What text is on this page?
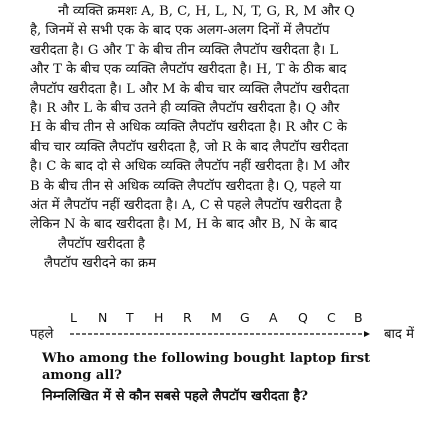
नौ व्यक्ति क्रमशः A, B, C, H, L, N, T, G, R, M और Q
है, जिनमें से सभी एक के बाद एक अलग-अलग दिनों में लैपटॉप
खरीदता है। G और T के बीच तीन व्यक्ति लैपटॉप खरीदता है। L
और T के बीच एक व्यक्ति लैपटॉप खरीदता है। H, T के ठीक बाद
लैपटॉप खरीदता है। L और M के बीच चार व्यक्ति लैपटॉप खरीदता
है। R और L के बीच उतने ही व्यक्ति लैपटॉप खरीदता है। Q और
H के बीच तीन से अधिक व्यक्ति लैपटॉप खरीदता है। R और C के
बीच चार व्यक्ति लैपटॉप खरीदता है, जो R के बाद लैपटॉप खरीदता
है। C के बाद दो से अधिक व्यक्ति लैपटॉप नहीं खरीदता है। M और
B के बीच तीन से अधिक व्यक्ति लैपटॉप खरीदता है। Q, पहले या
अंत में लैपटॉप नहीं खरीदता है। A, C से पहले लैपटॉप खरीदता है
लेकिन N के बाद खरीदता है। M, H के बाद और B, N के बाद
लैपटॉप खरीदता है
लैपटॉप खरीदने का क्रम
पहले
L N T H R M G A Q C B
बाद में
Who among the following bought laptop first among all?
निम्नलिखित में से कौन सबसे पहले लैपटॉप खरीदता है?
